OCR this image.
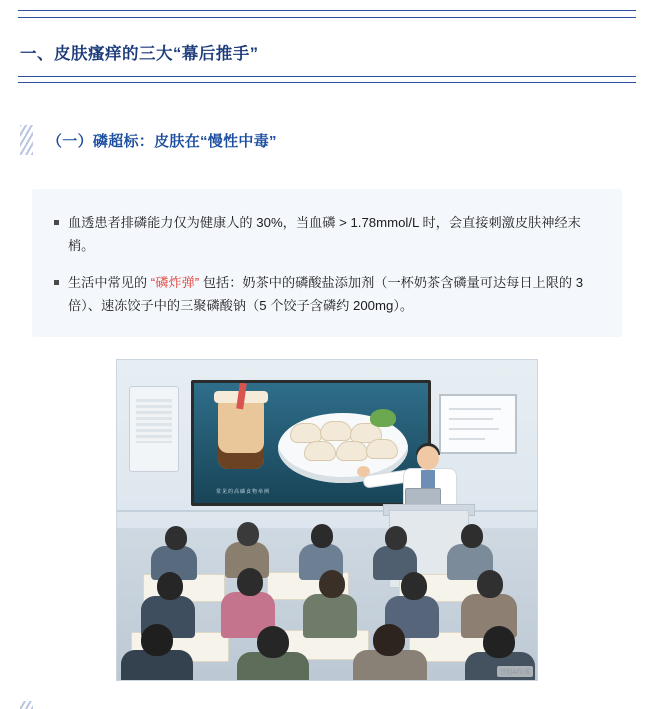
一、皮肤瘙痒的三大“幕后推手”
（一）磷超标：皮肤在“慢性中毒”
血透患者排磷能力仅为健康人的 30%，当血磷 > 1.78mmol/L 时，会直接刺激皮肤神经末梢。
生活中常见的 “磷炸弹” 包括：奶茶中的磷酸盐添加剂（一杯奶茶含磷量可达每日上限的 3 倍）、速冻饺子中的三聚磷酸钠（5 个饺子含磷约 200mg）。
常见的高磷食物举例
豆包AI生成
